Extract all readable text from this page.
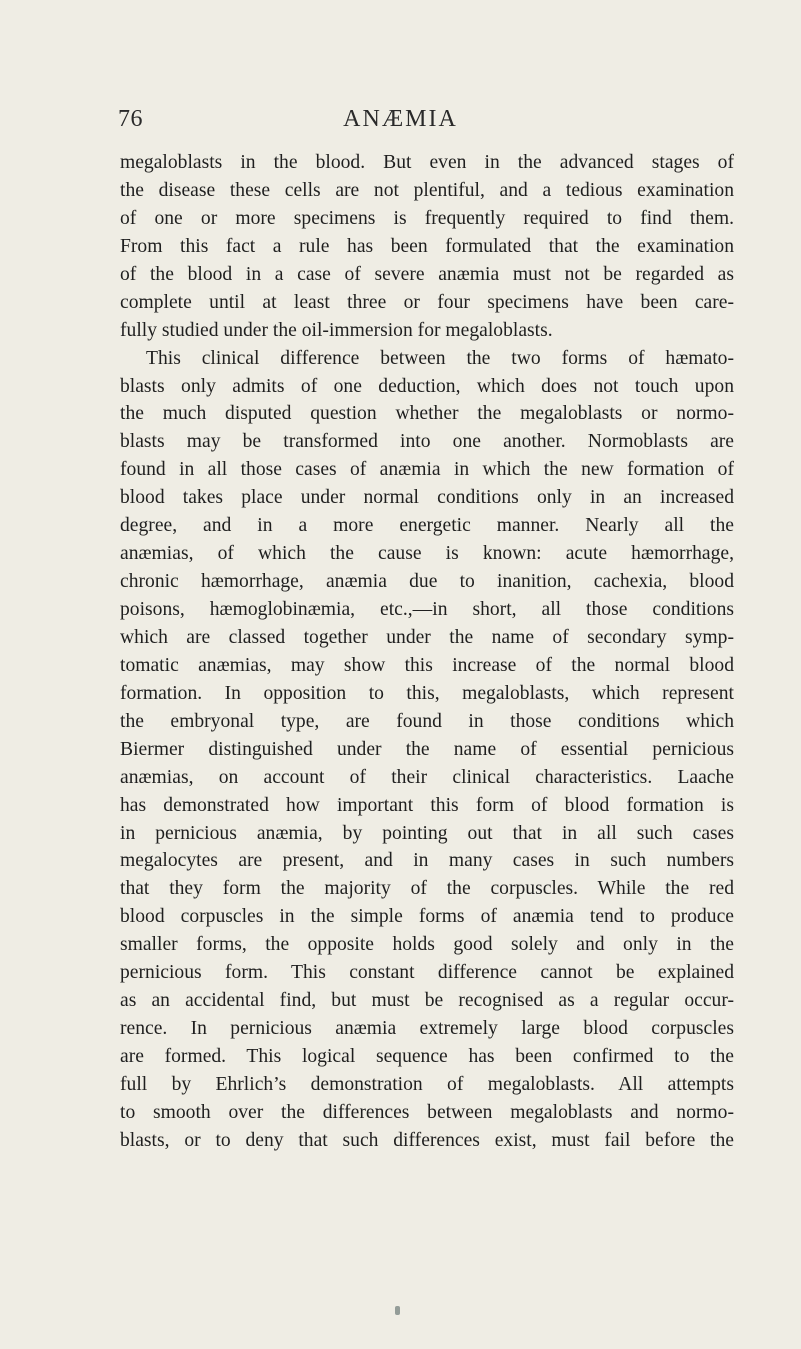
76	ANÆMIA
megaloblasts in the blood. But even in the advanced stages of
the disease these cells are not plentiful, and a tedious examination
of one or more specimens is frequently required to find them.
From this fact a rule has been formulated that the examination
of the blood in a case of severe anæmia must not be regarded as
complete until at least three or four specimens have been care-
fully studied under the oil-immersion for megaloblasts.
This clinical difference between the two forms of hæmato-
blasts only admits of one deduction, which does not touch upon
the much disputed question whether the megaloblasts or normo-
blasts may be transformed into one another. Normoblasts are
found in all those cases of anæmia in which the new formation of
blood takes place under normal conditions only in an increased
degree, and in a more energetic manner. Nearly all the
anæmias, of which the cause is known: acute hæmorrhage,
chronic hæmorrhage, anæmia due to inanition, cachexia, blood
poisons, hæmoglobinæmia, etc.,—in short, all those conditions
which are classed together under the name of secondary symp-
tomatic anæmias, may show this increase of the normal blood
formation. In opposition to this, megaloblasts, which represent
the embryonal type, are found in those conditions which
Biermer distinguished under the name of essential pernicious
anæmias, on account of their clinical characteristics. Laache
has demonstrated how important this form of blood formation is
in pernicious anæmia, by pointing out that in all such cases
megalocytes are present, and in many cases in such numbers
that they form the majority of the corpuscles. While the red
blood corpuscles in the simple forms of anæmia tend to produce
smaller forms, the opposite holds good solely and only in the
pernicious form. This constant difference cannot be explained
as an accidental find, but must be recognised as a regular occur-
rence. In pernicious anæmia extremely large blood corpuscles
are formed. This logical sequence has been confirmed to the
full by Ehrlich’s demonstration of megaloblasts. All attempts
to smooth over the differences between megaloblasts and normo-
blasts, or to deny that such differences exist, must fail before the
